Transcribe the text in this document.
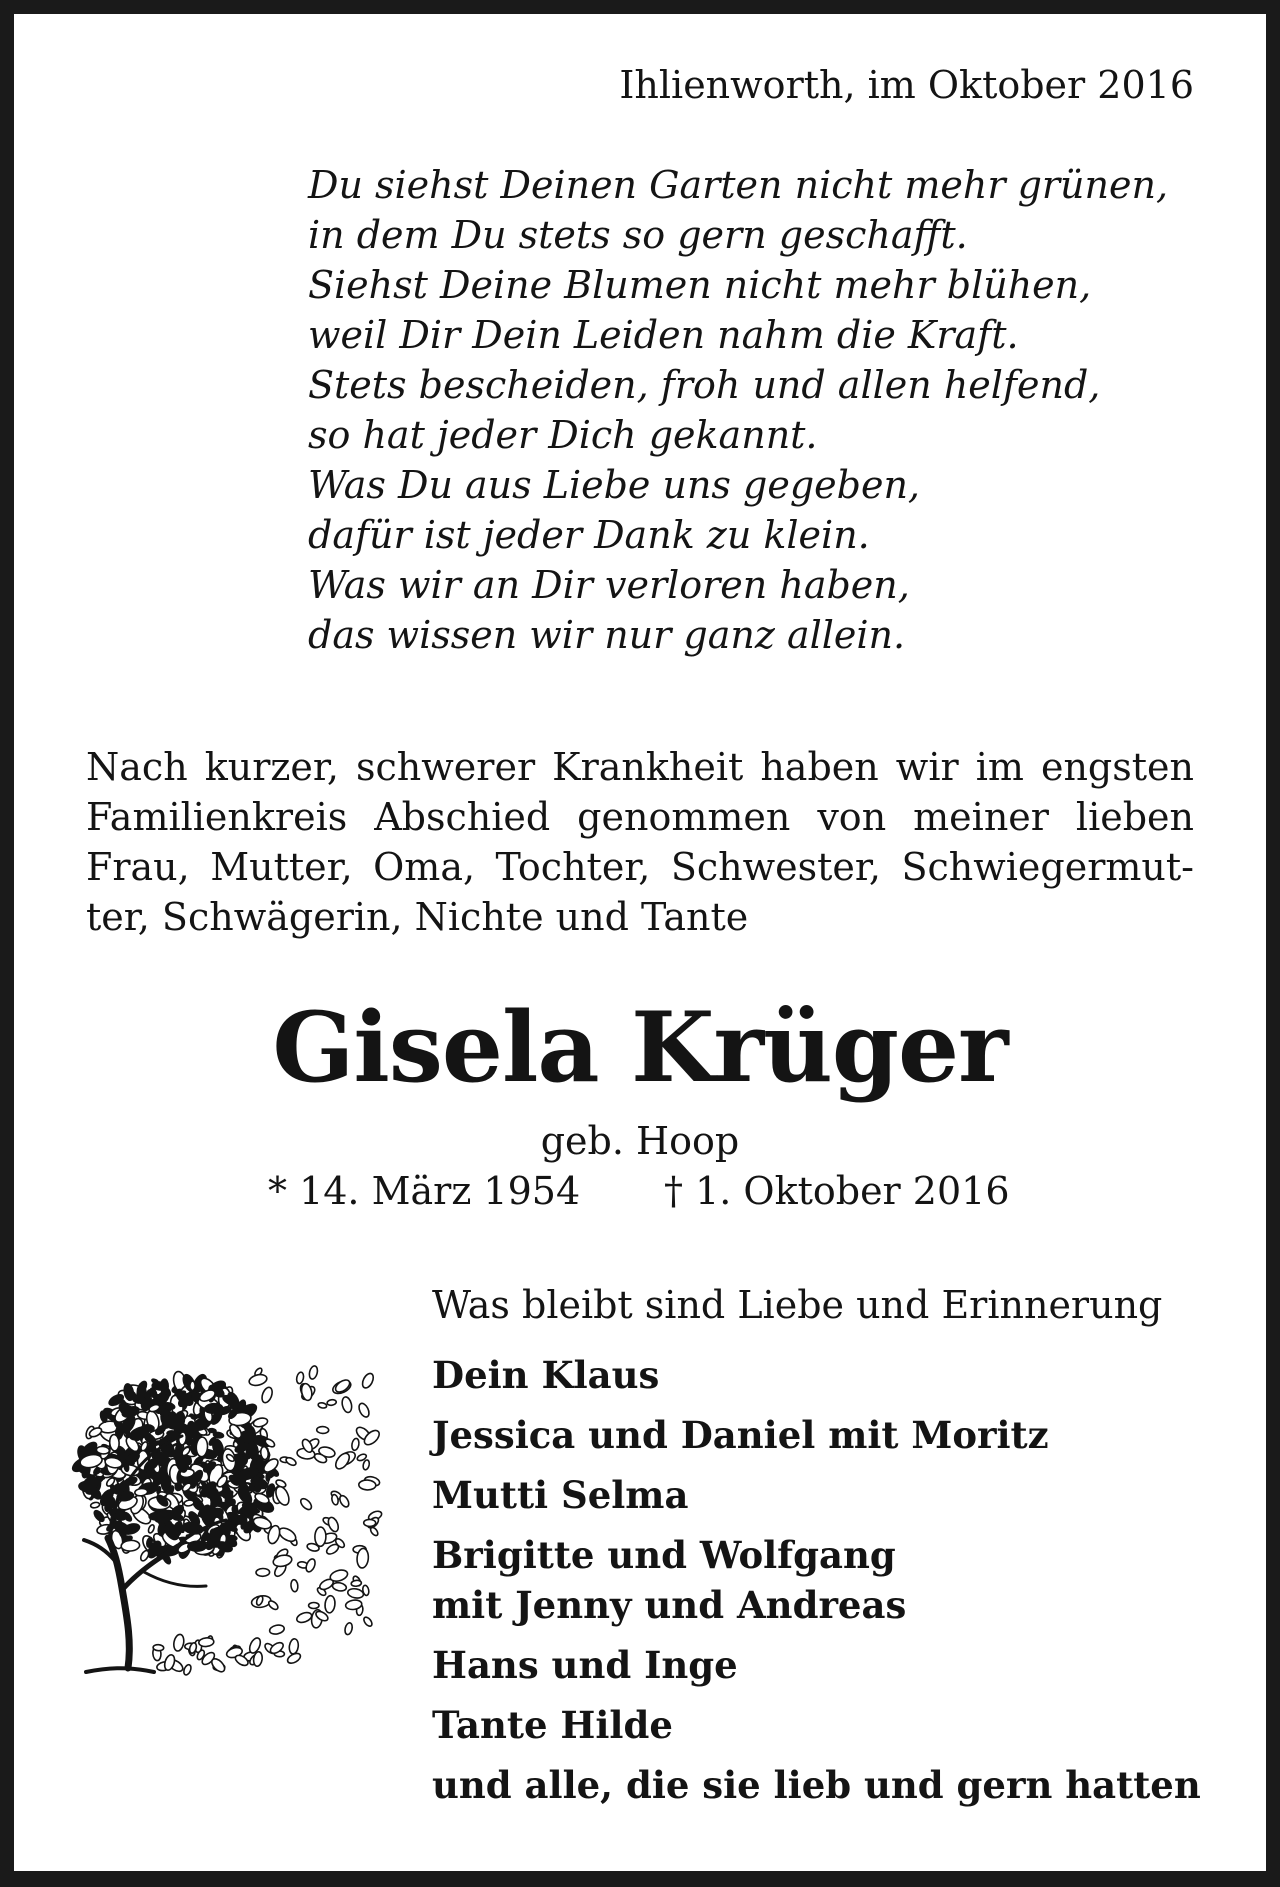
Ihlienworth, im Oktober 2016
Du siehst Deinen Garten nicht mehr grünen,
in dem Du stets so gern geschafft.
Siehst Deine Blumen nicht mehr blühen,
weil Dir Dein Leiden nahm die Kraft.
Stets bescheiden, froh und allen helfend,
so hat jeder Dich gekannt.
Was Du aus Liebe uns gegeben,
dafür ist jeder Dank zu klein.
Was wir an Dir verloren haben,
das wissen wir nur ganz allein.
Nach kurzer, schwerer Krankheit haben wir im engsten
Familienkreis Abschied genommen von meiner lieben
Frau, Mutter, Oma, Tochter, Schwester, Schwiegermut-
ter, Schwägerin, Nichte und Tante
Gisela Krüger
geb. Hoop
* 14. März 1954 † 1. Oktober 2016
Was bleibt sind Liebe und Erinnerung
Dein Klaus
Jessica und Daniel mit Moritz
Mutti Selma
Brigitte und Wolfgang
mit Jenny und Andreas
Hans und Inge
Tante Hilde
und alle, die sie lieb und gern hatten
